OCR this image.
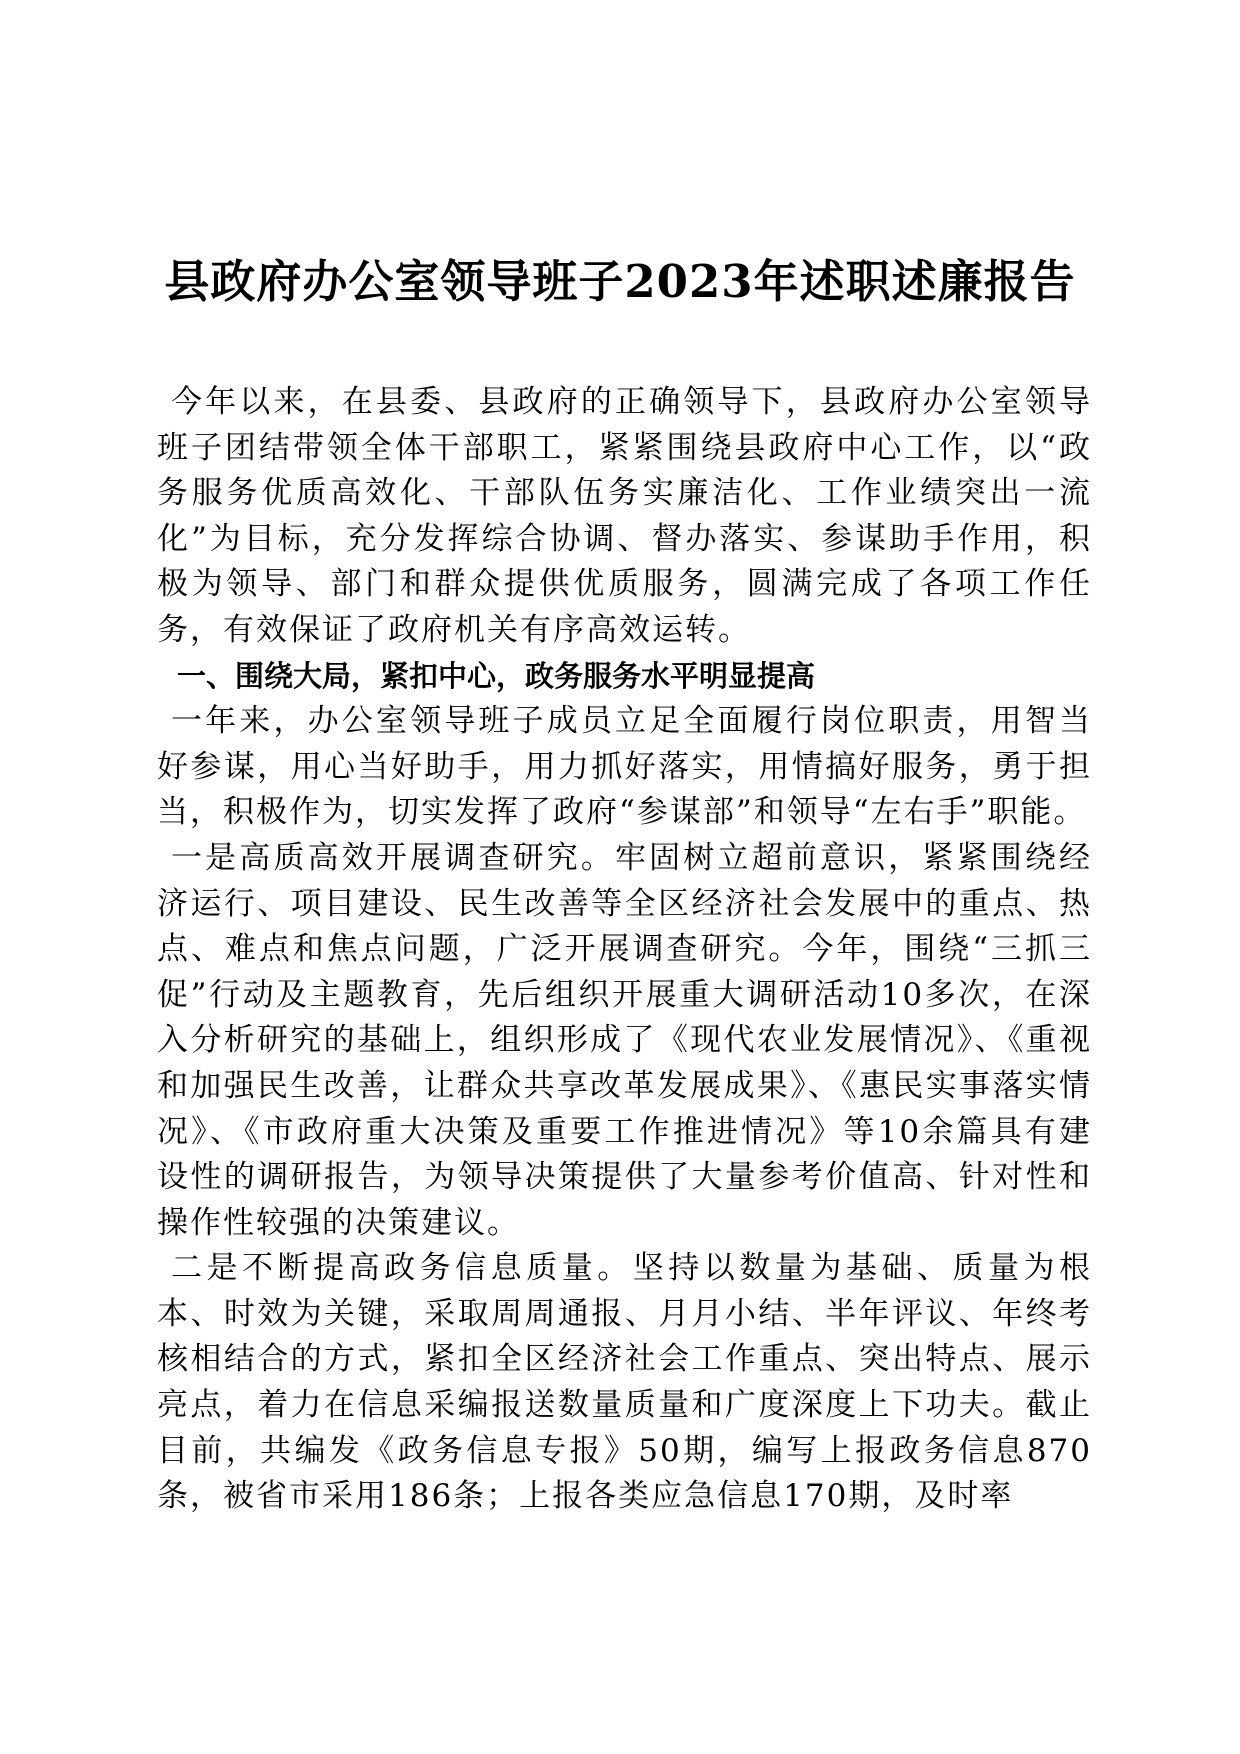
县政府办公室领导班子2023年述职述廉报告

今年以来，在县委、县政府的正确领导下，县政府办公室领导班子团结带领全体干部职工，紧紧围绕县政府中心工作，以“政务服务优质高效化、干部队伍务实廉洁化、工作业绩突出一流化”为目标，充分发挥综合协调、督办落实、参谋助手作用，积极为领导、部门和群众提供优质服务，圆满完成了各项工作任务，有效保证了政府机关有序高效运转。

一、围绕大局，紧扣中心，政务服务水平明显提高

一年来，办公室领导班子成员立足全面履行岗位职责，用智当好参谋，用心当好助手，用力抓好落实，用情搞好服务，勇于担当，积极作为，切实发挥了政府“参谋部”和领导“左右手”职能。

一是高质高效开展调查研究。牢固树立超前意识，紧紧围绕经济运行、项目建设、民生改善等全区经济社会发展中的重点、热点、难点和焦点问题，广泛开展调查研究。今年，围绕“三抓三促”行动及主题教育，先后组织开展重大调研活动10多次，在深入分析研究的基础上，组织形成了《现代农业发展情况》、《重视和加强民生改善，让群众共享改革发展成果》、《惠民实事落实情况》、《市政府重大决策及重要工作推进情况》等10余篇具有建设性的调研报告，为领导决策提供了大量参考价值高、针对性和操作性较强的决策建议。

二是不断提高政务信息质量。坚持以数量为基础、质量为根本、时效为关键，采取周周通报、月月小结、半年评议、年终考核相结合的方式，紧扣全区经济社会工作重点、突出特点、展示亮点，着力在信息采编报送数量质量和广度深度上下功夫。截止目前，共编发《政务信息专报》50期，编写上报政务信息870条，被省市采用186条；上报各类应急信息170期，及时率
